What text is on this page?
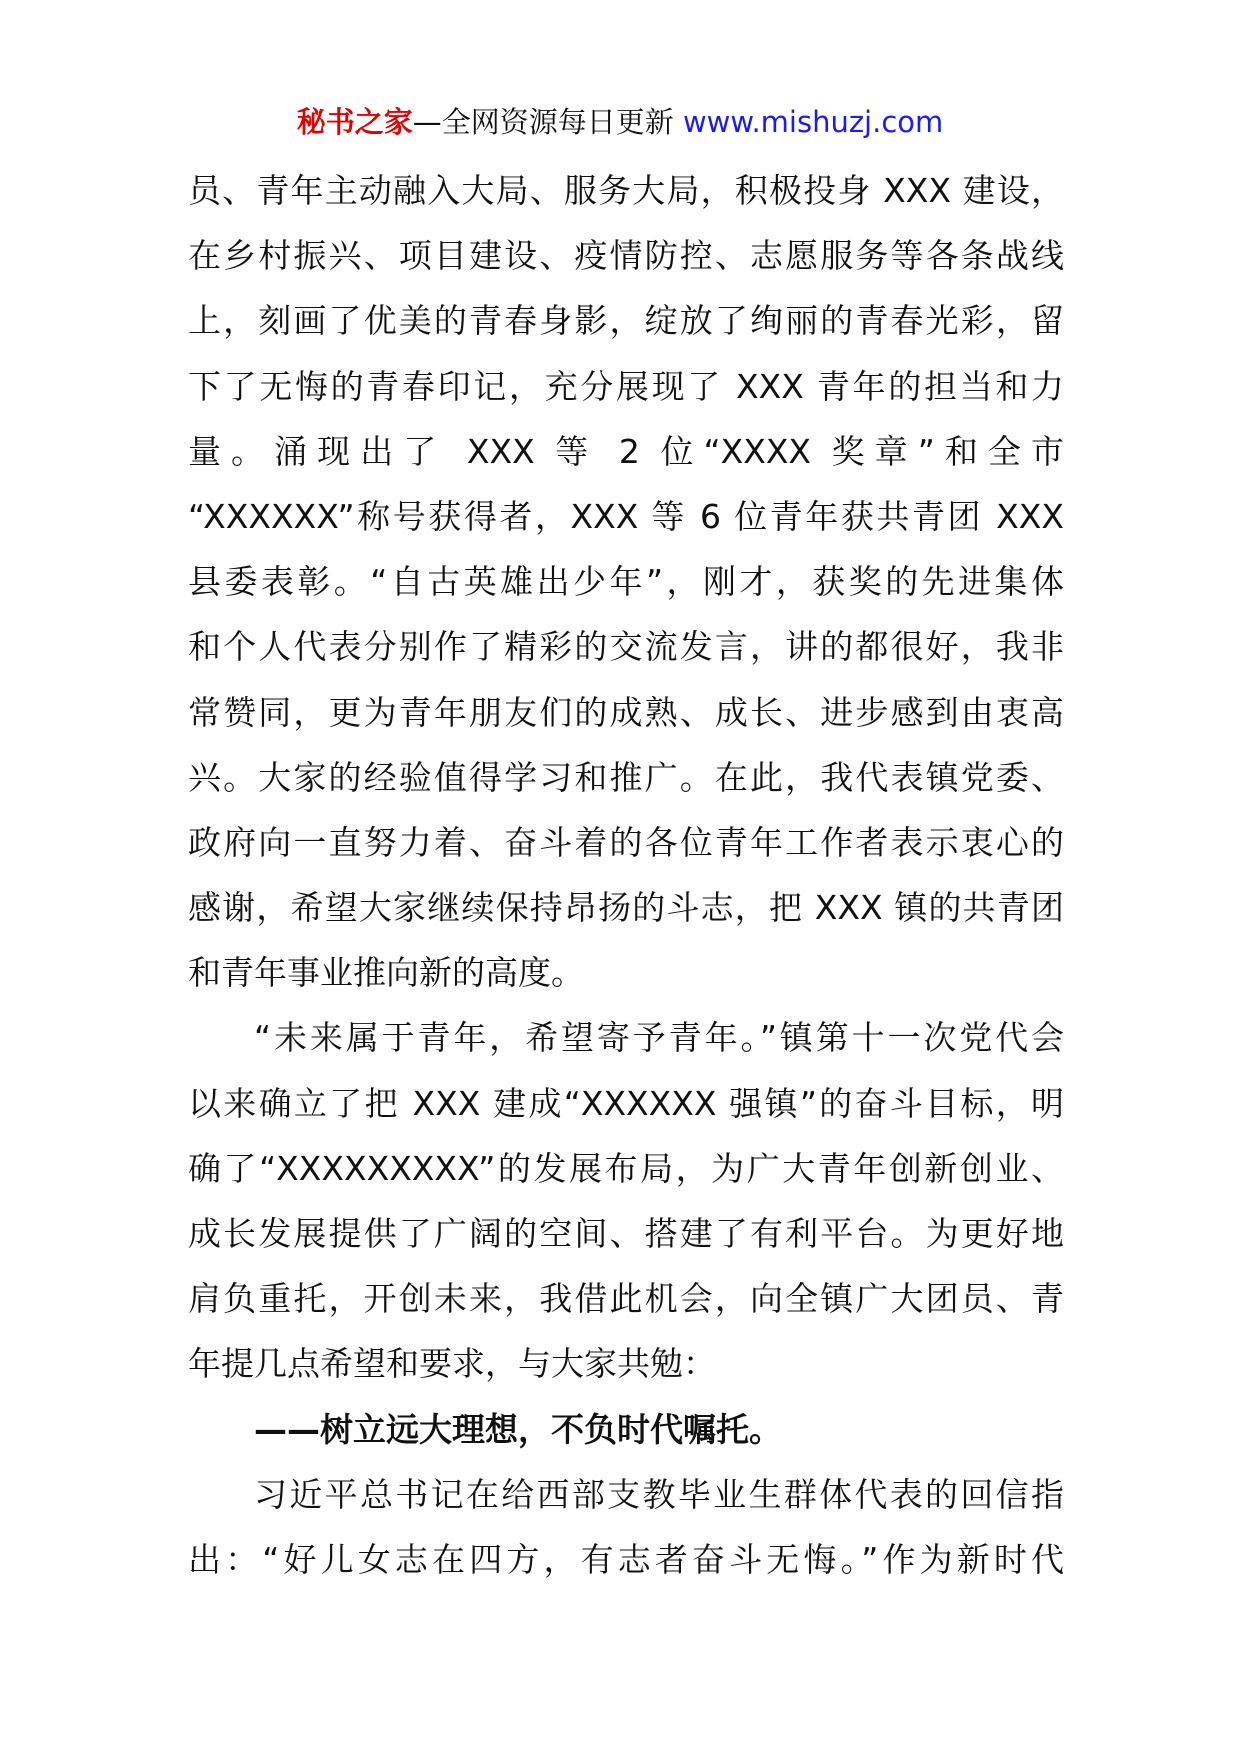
秘书之家—全网资源每日更新 www.mishuzj.com
员、青年主动融入大局、服务大局，积极投身 XXX 建设，
在乡村振兴、项目建设、疫情防控、志愿服务等各条战线
上，刻画了优美的青春身影，绽放了绚丽的青春光彩，留
下了无悔的青春印记，充分展现了 XXX 青年的担当和力
量。涌现出了 XXX 等 2 位“XXXX 奖章”和全市
“XXXXXX”称号获得者，XXX 等 6 位青年获共青团 XXX
县委表彰。“自古英雄出少年”，刚才，获奖的先进集体
和个人代表分别作了精彩的交流发言，讲的都很好，我非
常赞同，更为青年朋友们的成熟、成长、进步感到由衷高
兴。大家的经验值得学习和推广。在此，我代表镇党委、
政府向一直努力着、奋斗着的各位青年工作者表示衷心的
感谢，希望大家继续保持昂扬的斗志，把 XXX 镇的共青团
和青年事业推向新的高度。
“未来属于青年，希望寄予青年。”镇第十一次党代会
以来确立了把 XXX 建成“XXXXXX 强镇”的奋斗目标，明
确了“XXXXXXXXX”的发展布局，为广大青年创新创业、
成长发展提供了广阔的空间、搭建了有利平台。为更好地
肩负重托，开创未来，我借此机会，向全镇广大团员、青
年提几点希望和要求，与大家共勉：
——树立远大理想，不负时代嘱托。
习近平总书记在给西部支教毕业生群体代表的回信指
出：“好儿女志在四方，有志者奋斗无悔。”作为新时代
